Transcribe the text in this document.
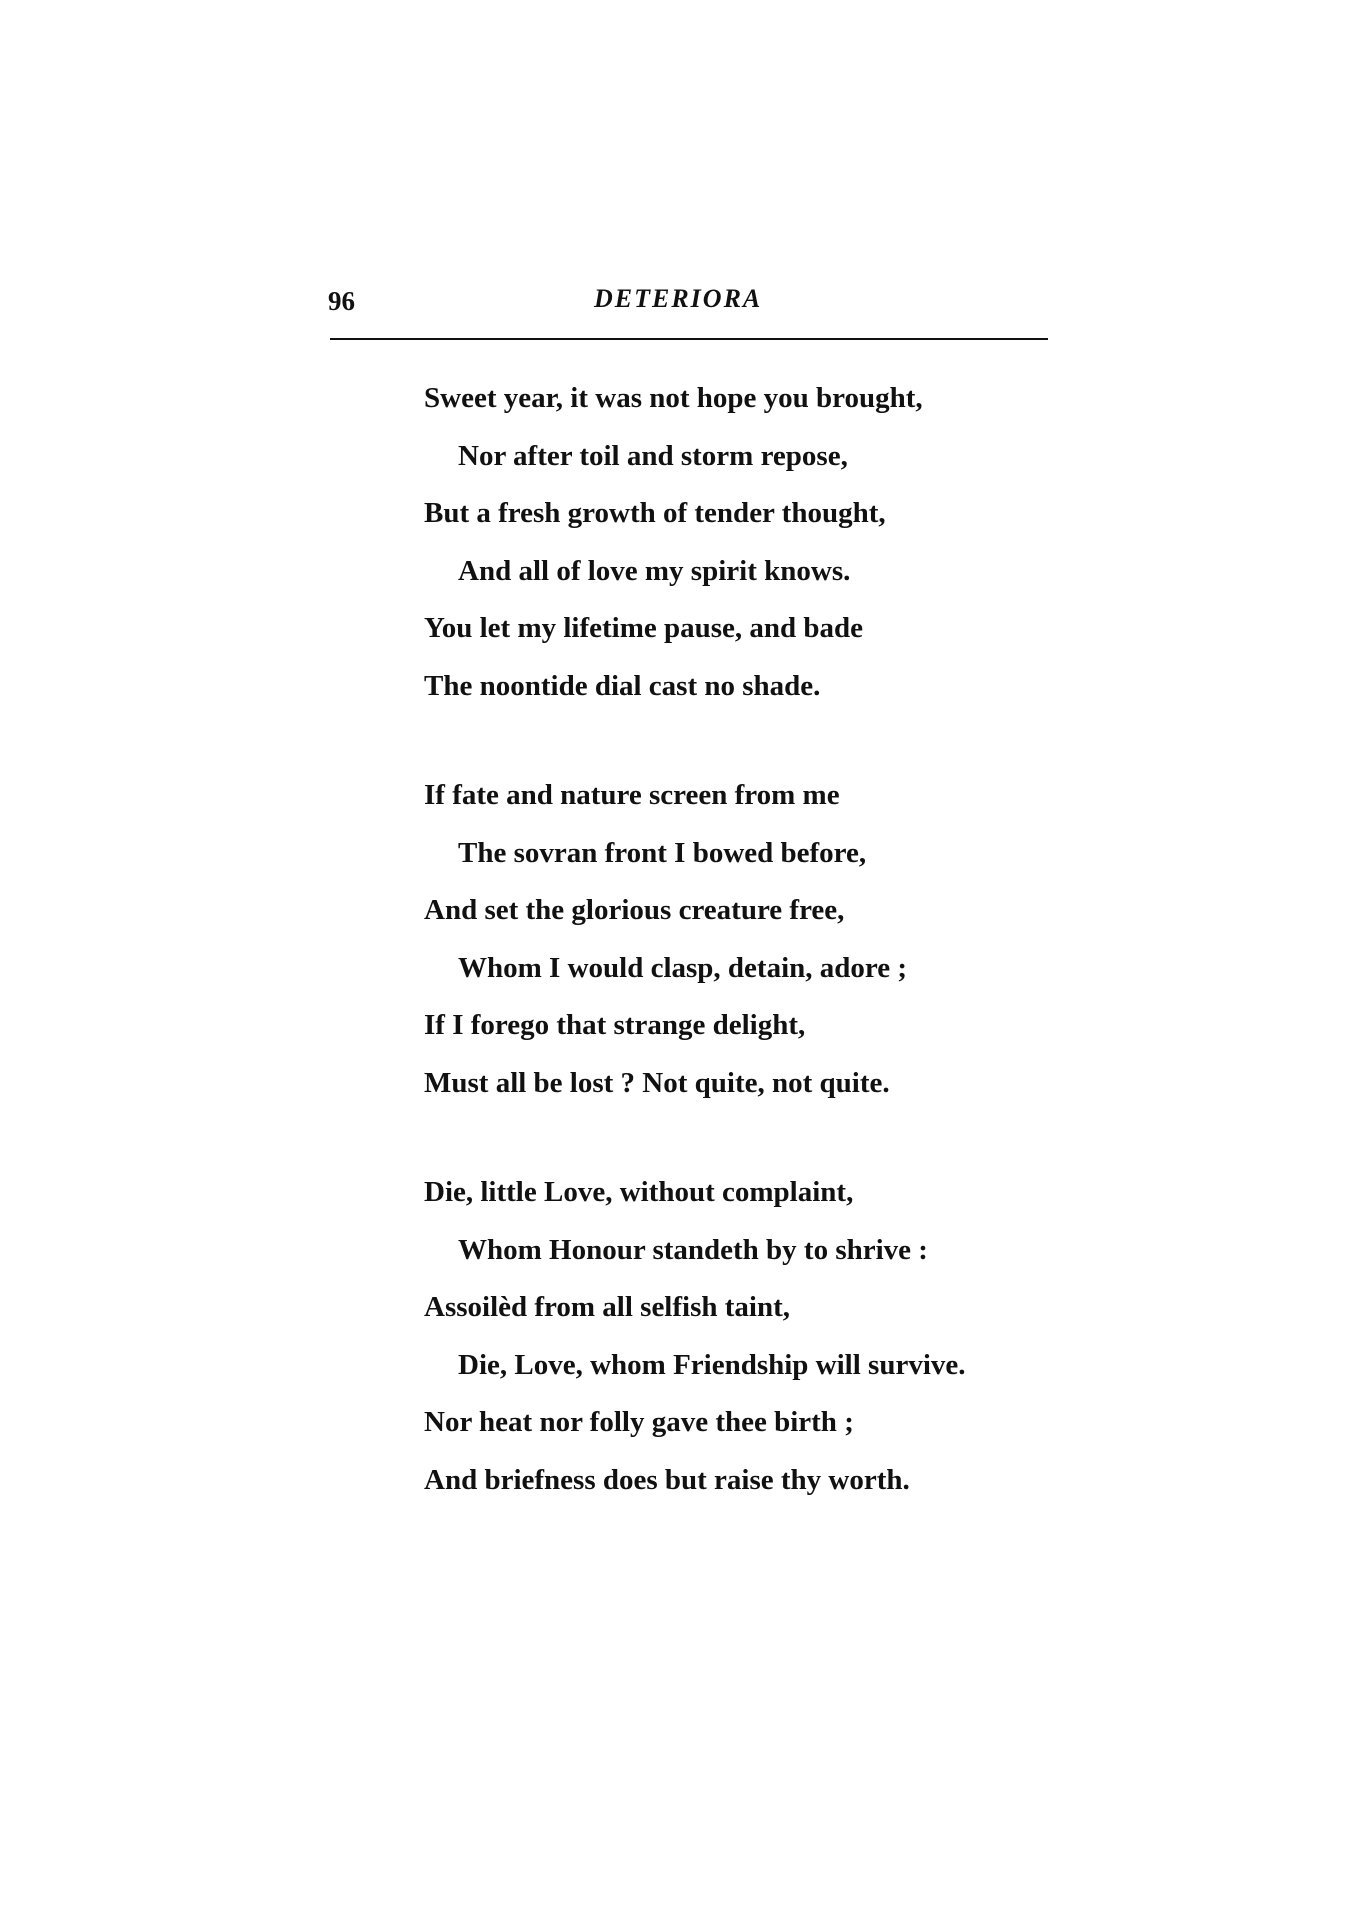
96	DETERIORA
Sweet year, it was not hope you brought,
Nor after toil and storm repose,
But a fresh growth of tender thought,
And all of love my spirit knows.
You let my lifetime pause, and bade
The noontide dial cast no shade.
If fate and nature screen from me
The sovran front I bowed before,
And set the glorious creature free,
Whom I would clasp, detain, adore ;
If I forego that strange delight,
Must all be lost ? Not quite, not quite.
Die, little Love, without complaint,
Whom Honour standeth by to shrive :
Assoilèd from all selfish taint,
Die, Love, whom Friendship will survive.
Nor heat nor folly gave thee birth ;
And briefness does but raise thy worth.
